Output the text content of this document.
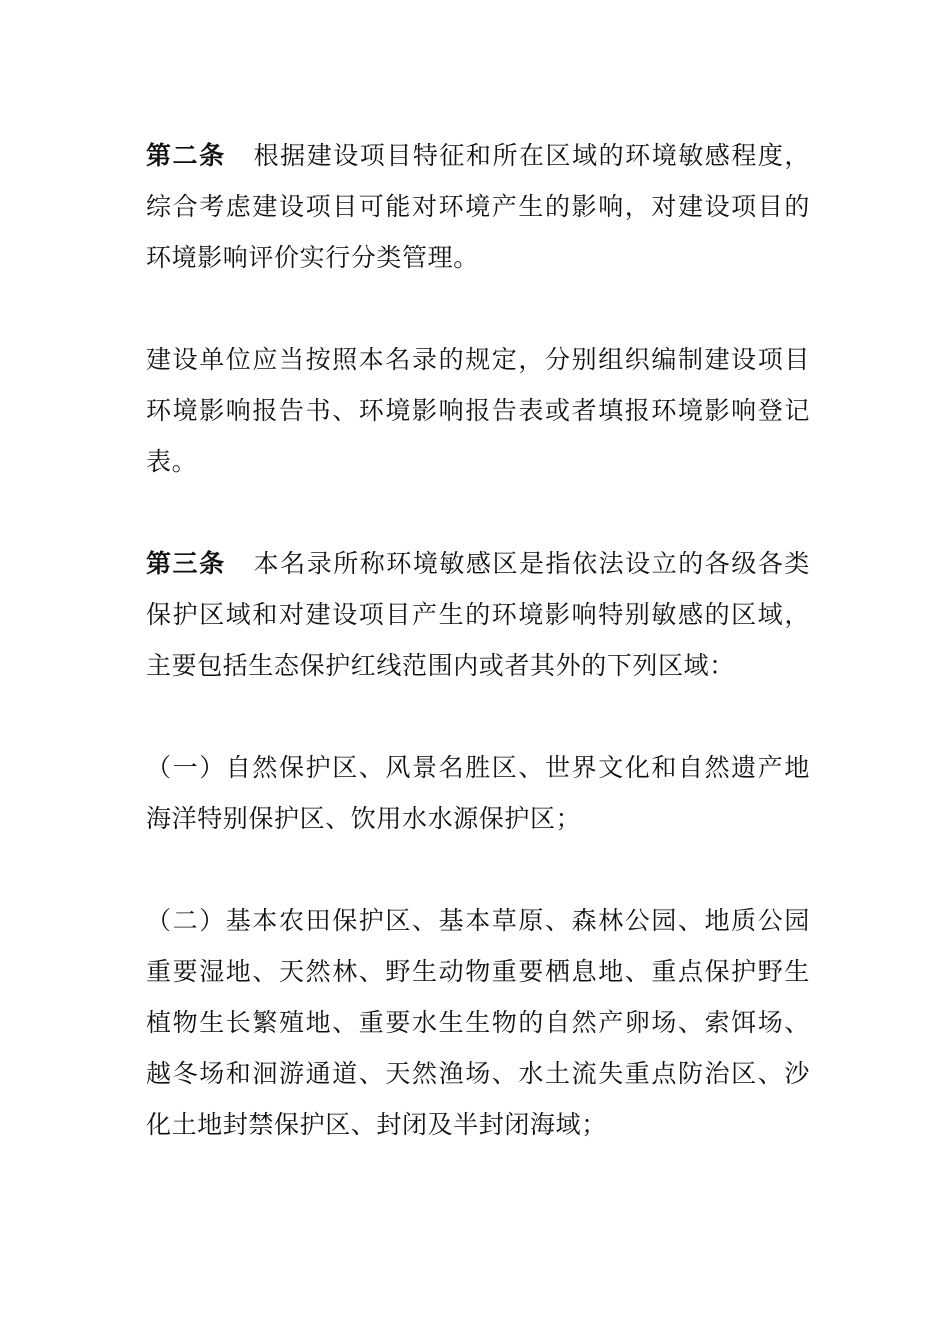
第二条 根据建设项目特征和所在区域的环境敏感程度，综合考虑建设项目可能对环境产生的影响，对建设项目的环境影响评价实行分类管理。

建设单位应当按照本名录的规定，分别组织编制建设项目环境影响报告书、环境影响报告表或者填报环境影响登记表。

第三条 本名录所称环境敏感区是指依法设立的各级各类保护区域和对建设项目产生的环境影响特别敏感的区域，主要包括生态保护红线范围内或者其外的下列区域：

（一）自然保护区、风景名胜区、世界文化和自然遗产地海洋特别保护区、饮用水水源保护区；

（二）基本农田保护区、基本草原、森林公园、地质公园重要湿地、天然林、野生动物重要栖息地、重点保护野生植物生长繁殖地、重要水生生物的自然产卵场、索饵场、越冬场和洄游通道、天然渔场、水土流失重点防治区、沙化土地封禁保护区、封闭及半封闭海域；
